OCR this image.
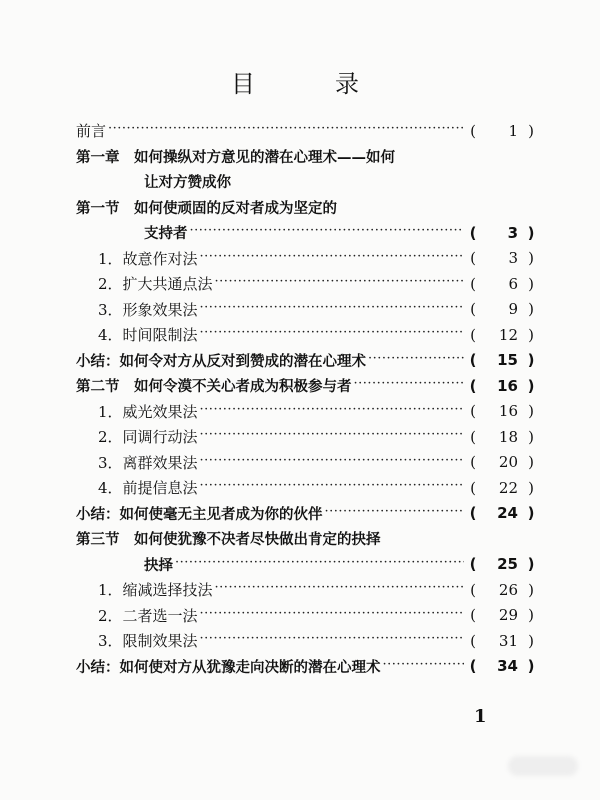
目　录
前言 ·····	(	1 )
第一章　如何操纵对方意见的潜在心理术——如何
让对方赞成你
第一节　如何使顽固的反对者成为坚定的
支持者 ·····	(	3 )
1．故意作对法 ·····	(	3 )
2．扩大共通点法 ·····	(	6 )
3．形象效果法 ·····	(	9 )
4．时间限制法 ·····	(	12 )
小结：如何令对方从反对到赞成的潜在心理术 ·····	(	15 )
第二节　如何令漠不关心者成为积极参与者 ·····	(	16 )
1．威光效果法 ·····	(	16 )
2．同调行动法 ·····	(	18 )
3．离群效果法 ·····	(	20 )
4．前提信息法 ·····	(	22 )
小结：如何使毫无主见者成为你的伙伴 ·····	(	24 )
第三节　如何使犹豫不决者尽快做出肯定的抉择
抉择 ·····	(	25 )
1．缩减选择技法 ·····	(	26 )
2．二者选一法 ·····	(	29 )
3．限制效果法 ·····	(	31 )
小结：如何使对方从犹豫走向决断的潜在心理术 ·····	(	34 )
1
